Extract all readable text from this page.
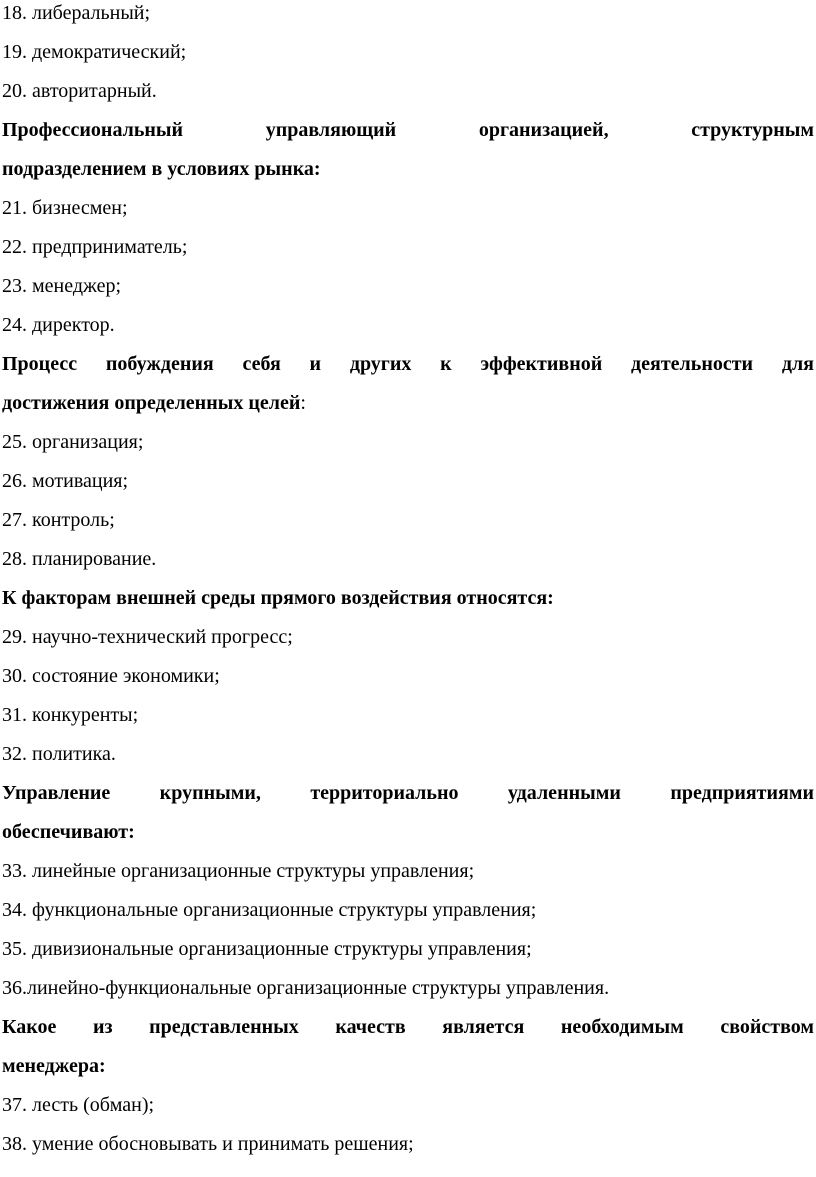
18. либеральный;
19. демократический;
20. авторитарный.
Профессиональный управляющий организацией, структурным
подразделением в условиях рынка:
21. бизнесмен;
22. предприниматель;
23. менеджер;
24. директор.
Процесс побуждения себя и других к эффективной деятельности для
достижения определенных целей:
25. организация;
26. мотивация;
27. контроль;
28. планирование.
К факторам внешней среды прямого воздействия относятся:
29. научно-технический прогресс;
30. состояние экономики;
31. конкуренты;
32. политика.
Управление крупными, территориально удаленными предприятиями
обеспечивают:
33. линейные организационные структуры управления;
34. функциональные организационные структуры управления;
35. дивизиональные организационные структуры управления;
36.линейно-функциональные организационные структуры управления.
Какое из представленных качеств является необходимым свойством
менеджера:
37. лесть (обман);
38. умение обосновывать и принимать решения;
